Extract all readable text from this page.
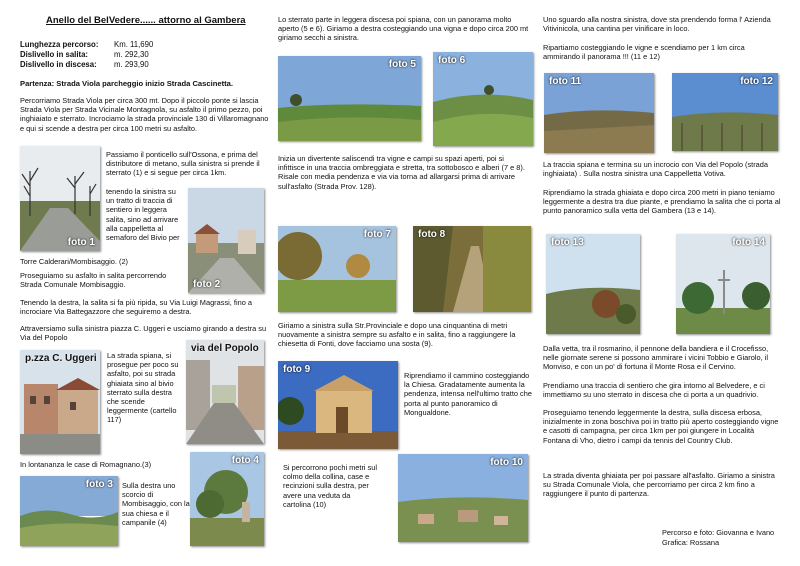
Anello del BelVedere...... attorno al Gambera
Lunghezza percorso: Km. 11,690
Dislivello in salita:	m. 292,30
Dislivello in discesa: m. 293,90
Partenza: Strada Viola parcheggio inizio Strada Cascinetta.
Percorriamo Strada Viola per circa 300 mt. Dopo il piccolo ponte si lascia Strada Viola per Strada Vicinale Montagnola, su asfalto il primo pezzo, poi inghiaiato e sterrato. Incrociamo la strada provinciale 130 di Villaromagnano e qui si scende a destra per circa 100 metri su asfalto.
foto 1
Passiamo il ponticello sull'Ossona, e prima del distributore di metano, sulla sinistra si prende il sterrato (1) e si segue per circa 1km.
tenendo la sinistra su un tratto di traccia di sentiero in leggera salita, sino ad arrivare alla cappelletta al semaforo del Bivio per
foto 2
Torre Calderari/Mombisaggio. (2)
Proseguiamo su asfalto in salita percorrendo Strada Comunale Mombisaggio.
Tenendo la destra, la salita si fa più ripida, su Via Luigi Magrassi, fino a incrociare Via Battegazzore che seguiremo a destra.
Attraversiamo sulla sinistra piazza C. Uggeri e usciamo girando a destra su Via del Popolo
p.zza C. Uggeri La strada spiana, si prosegue per poco su asfalto, poi su strada ghiaiata sino al bivio sterrato sulla destra che scende leggermente (cartello 117)
via del Popolo
In lontananza le case di Romagnano.(3)
foto 3 Sulla destra uno scorcio di Mombisaggio, con la sua chiesa e il campanile (4)
foto 4
Lo sterrato parte in leggera discesa poi spiana, con un panorama molto aperto (5 e 6). Giriamo a destra costeggiando una vigna e dopo circa 200 mt giriamo secchi a sinistra.
foto 5 foto 6
Inizia un divertente saliscendi tra vigne e campi su spazi aperti, poi si infittisce in una traccia ombreggiata e stretta, tra sottobosco e alberi (7 e 8). Risale con media pendenza e via via torna ad allargarsi prima di arrivare sull'asfalto (Strada Prov. 128).
foto 7	foto 8
Giriamo a sinistra sulla Str.Provinciale e dopo una cinquantina di metri nuovamente a sinistra sempre su asfalto e in salita, fino a raggiungere la chiesetta di Fonti, dove facciamo una sosta (9).
foto 9
Riprendiamo il cammino costeggiando la Chiesa. Gradatamente aumenta la pendenza, intensa nell'ultimo tratto che porta al punto panoramico di Mongualdone.
Si percorrono pochi metri sul colmo della collina, case e recinzioni sulla destra, per avere una veduta da cartolina (10)
foto 10
Uno sguardo alla nostra sinistra, dove sta prendendo forma l' Azienda Vitivinicola, una cantina per vinificare in loco.
Ripartiamo costeggiando le vigne e scendiamo per 1 km circa ammirando il panorama !!! (11 e 12)
foto 11	foto 12
La traccia spiana e termina su un incrocio con Via del Popolo (strada inghiaiata) . Sulla nostra sinistra una Cappelletta Votiva.
Riprendiamo la strada ghiaiata e dopo circa 200 metri in piano teniamo leggermente a destra tra due piante, e prendiamo la salita che ci porta al punto panoramico sulla vetta del Gambera (13 e 14).
foto 13	foto 14
Dalla vetta, tra il rosmarino, il pennone della bandiera e il Crocefisso, nelle giornate serene si possono ammirare i vicini Tobbio e Giarolo, il Monviso, e con un po' di fortuna il Monte Rosa e il Cervino.
Prendiamo una traccia di sentiero che gira intorno al Belvedere, e ci immettiamo su uno sterrato in discesa che ci porta a un quadrivio.
Proseguiamo tenendo leggermente la destra, sulla discesa erbosa, inizialmente in zona boschiva poi in tratto più aperto costeggiando vigne e casotti di campagna, per circa 1km per poi giungere in Località Fontana di Vho, dietro i campi da tennis del Country Club.
La strada diventa ghiaiata per poi passare all'asfalto. Giriamo a sinistra su Strada Comunale Viola, che percorriamo per circa 2 km fino a raggiungere il punto di partenza.
Percorso e foto: Giovanna e Ivano
Grafica: Rossana
